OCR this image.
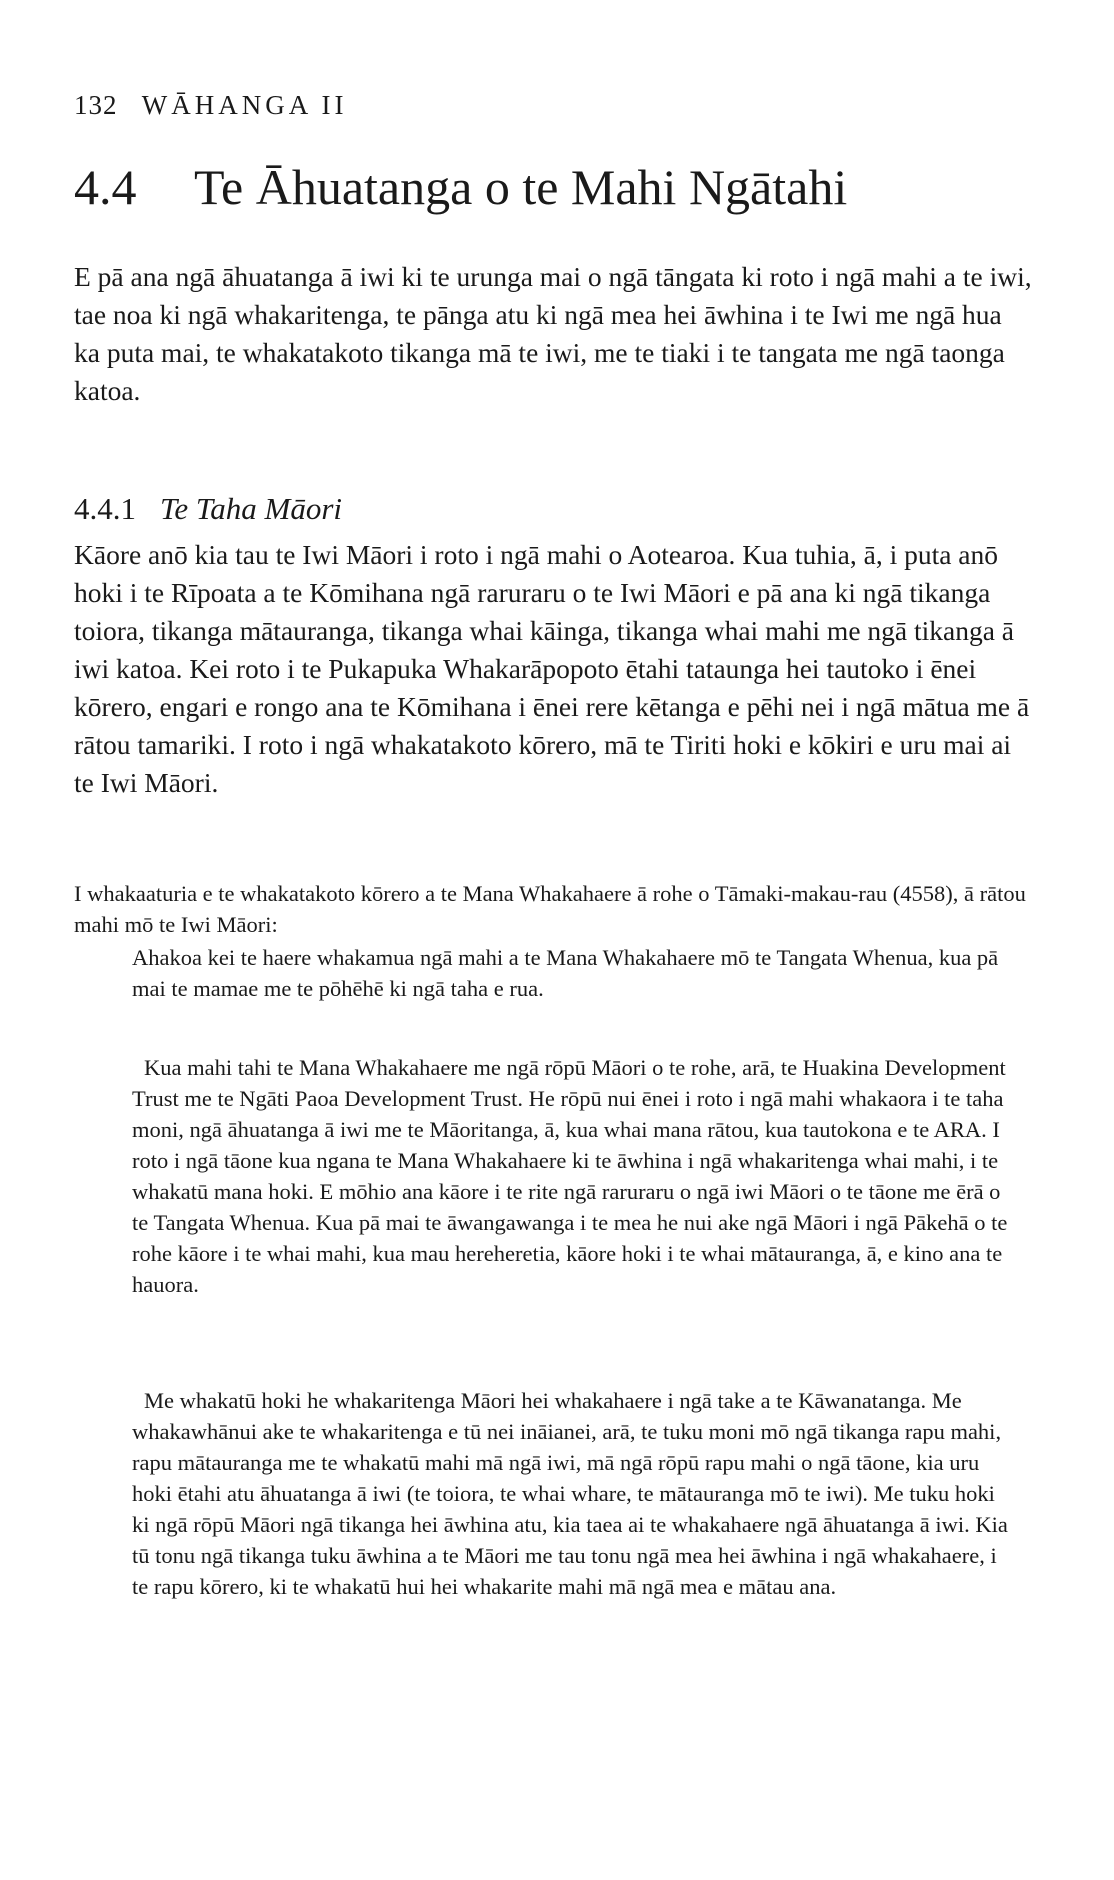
132 WĀHANGA II
4.4 Te Āhuatanga o te Mahi Ngātahi

E pā ana ngā āhuatanga ā iwi ki te urunga mai o ngā tāngata ki roto i ngā mahi a te iwi, tae noa ki ngā whakaritenga, te pānga atu ki ngā mea hei āwhina i te Iwi me ngā hua ka puta mai, te whakatakoto tikanga mā te iwi, me te tiaki i te tangata me ngā taonga katoa.

4.4.1 Te Taha Māori

Kāore anō kia tau te Iwi Māori i roto i ngā mahi o Aotearoa. Kua tuhia, ā, i puta anō hoki i te Rīpoata a te Kōmihana ngā raruraru o te Iwi Māori e pā ana ki ngā tikanga toiora, tikanga mātauranga, tikanga whai kāinga, tikanga whai mahi me ngā tikanga ā iwi katoa. Kei roto i te Pukapuka Whakarāpopoto ētahi tataunga hei tautoko i ēnei kōrero, engari e rongo ana te Kōmihana i ēnei rere kētanga e pēhi nei i ngā mātua me ā rātou tamariki. I roto i ngā whakatakoto kōrero, mā te Tiriti hoki e kōkiri e uru mai ai te Iwi Māori.

I whakaaturia e te whakatakoto kōrero a te Mana Whakahaere ā rohe o Tāmaki-makau-rau (4558), ā rātou mahi mō te Iwi Māori:

Ahakoa kei te haere whakamua ngā mahi a te Mana Whakahaere mō te Tangata Whenua, kua pā mai te mamae me te pōhēhē ki ngā taha e rua.

Kua mahi tahi te Mana Whakahaere me ngā rōpū Māori o te rohe, arā, te Huakina Development Trust me te Ngāti Paoa Development Trust. He rōpū nui ēnei i roto i ngā mahi whakaora i te taha moni, ngā āhuatanga ā iwi me te Māoritanga, ā, kua whai mana rātou, kua tautokona e te ARA. I roto i ngā tāone kua ngana te Mana Whakahaere ki te āwhina i ngā whakaritenga whai mahi, i te whakatū mana hoki. E mōhio ana kāore i te rite ngā raruraru o ngā iwi Māori o te tāone me ērā o te Tangata Whenua. Kua pā mai te āwangawanga i te mea he nui ake ngā Māori i ngā Pākehā o te rohe kāore i te whai mahi, kua mau hereheretia, kāore hoki i te whai mātauranga, ā, e kino ana te hauora.

Me whakatū hoki he whakaritenga Māori hei whakahaere i ngā take a te Kāwanatanga. Me whakawhānui ake te whakaritenga e tū nei ināianei, arā, te tuku moni mō ngā tikanga rapu mahi, rapu mātauranga me te whakatū mahi mā ngā iwi, mā ngā rōpū rapu mahi o ngā tāone, kia uru hoki ētahi atu āhuatanga ā iwi (te toiora, te whai whare, te mātauranga mō te iwi). Me tuku hoki ki ngā rōpū Māori ngā tikanga hei āwhina atu, kia taea ai te whakahaere ngā āhuatanga ā iwi. Kia tū tonu ngā tikanga tuku āwhina a te Māori me tau tonu ngā mea hei āwhina i ngā whakahaere, i te rapu kōrero, ki te whakatū hui hei whakarite mahi mā ngā mea e mātau ana.
